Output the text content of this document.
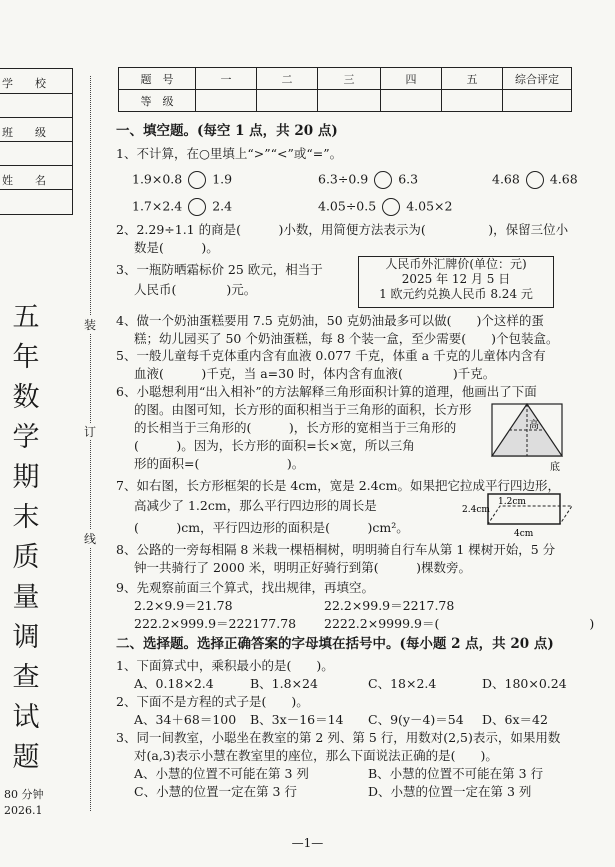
学　　校
班　　级
姓　　名
五
年
数
学
期
末
质
量
调
查
试
题
80 分钟
2026.1
装
订
线
题　号	一	二	三	四	五	综合评定
等　级						
一、填空题。(每空 1 点，共 20 点)
1、不计算，在○里填上“>”“<”或“=”。
1.9×0.8 1.9	6.3÷0.9 6.3	4.68 4.68
1.7×2.4 2.4	4.05÷0.5 4.05×2
2、2.29÷1.1 的商是(　　　)小数，用简便方法表示为(　　　　　)，保留三位小
数是(　　　)。
3、一瓶防晒霜标价 25 欧元，相当于
人民币(　　　　)元。
人民币外汇牌价(单位：元)
2025 年 12 月 5 日
1 欧元约兑换人民币 8.24 元
4、做一个奶油蛋糕要用 7.5 克奶油，50 克奶油最多可以做(　　)个这样的蛋
糕；幼儿园买了 50 个奶油蛋糕，每 8 个装一盒，至少需要(　　)个包装盒。
5、一般儿童每千克体重内含有血液 0.077 千克，体重 a 千克的儿童体内含有
血液(　　　)千克，当 a=30 时，体内含有血液(　　　　)千克。
6、小聪想利用“出入相补”的方法解释三角形面积计算的道理，他画出了下面
的图。由图可知，长方形的面积相当于三角形的面积，长方形
的长相当于三角形的(　　　)，长方形的宽相当于三角形的
(　　　)。因为，长方形的面积=长×宽，所以三角
形的面积=(　　　　　　　)。
高
底
7、如右图，长方形框架的长是 4cm，宽是 2.4cm。如果把它拉成平行四边形，
高减少了 1.2cm，那么平行四边形的周长是
(　　　)cm，平行四边形的面积是(　　　)cm²。
1.2cm
2.4cm
4cm
8、公路的一旁每相隔 8 米栽一棵梧桐树，明明骑自行车从第 1 棵树开始，5 分
钟一共骑行了 2000 米，明明正好骑行到第(　　　)棵数旁。
9、先观察前面三个算式，找出规律，再填空。
2.2×9.9＝21.78	22.2×99.9＝2217.78
222.2×999.9＝222177.78 2222.2×9999.9＝(　　　　　　　　　　　　)
二、选择题。选择正确答案的字母填在括号中。(每小题 2 点，共 20 点)
1、下面算式中，乘积最小的是(　　)。
A、0.18×2.4	B、1.8×24	C、18×2.4	D、180×0.24
2、下面不是方程的式子是(　　)。
A、34＋68＝100 B、3x－16＝14 C、9(y－4)＝54 D、6x＝42
3、同一间教室，小聪坐在教室的第 2 列、第 5 行，用数对(2,5)表示，如果用数
对(a,3)表示小慧在教室里的座位，那么下面说法正确的是(　　)。
A、小慧的位置不可能在第 3 列	B、小慧的位置不可能在第 3 行
C、小慧的位置一定在第 3 行	D、小慧的位置一定在第 3 列
—1—
